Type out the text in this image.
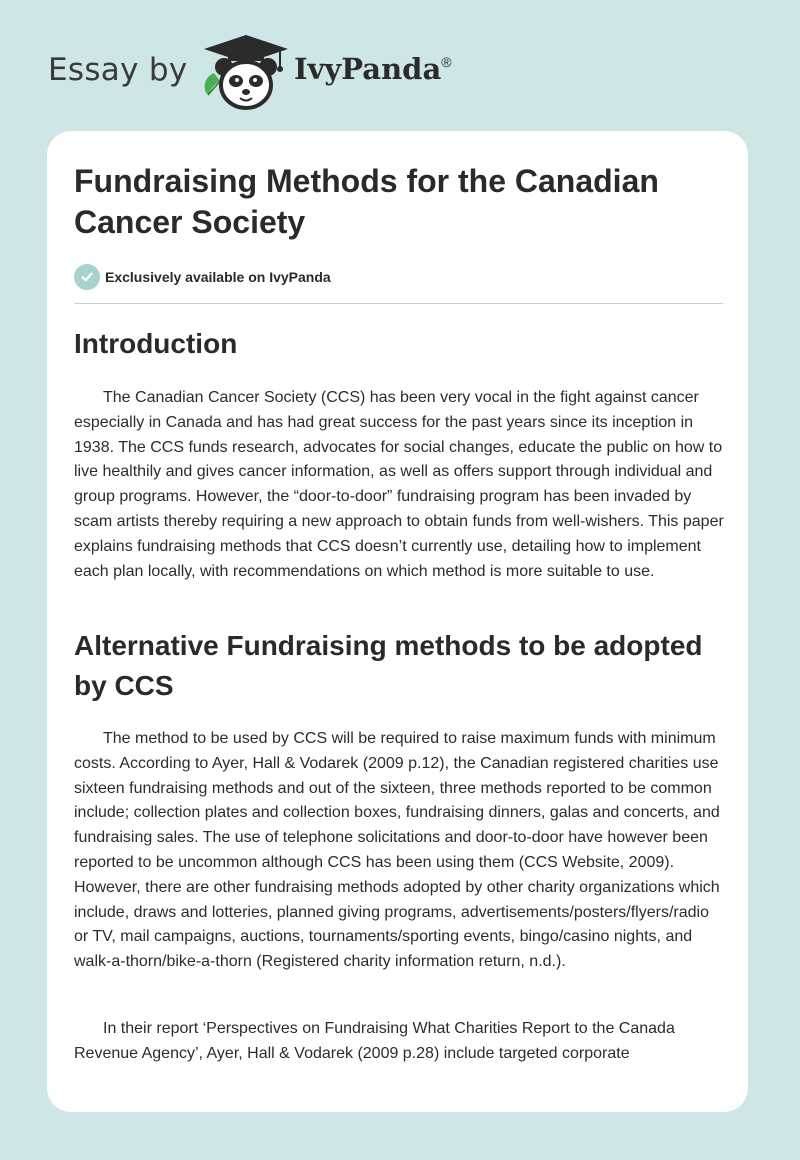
Essay by	IvyPanda®
Fundraising Methods for the Canadian Cancer Society
Exclusively available on IvyPanda
Introduction

The Canadian Cancer Society (CCS) has been very vocal in the fight against cancer especially in Canada and has had great success for the past years since its inception in 1938. The CCS funds research, advocates for social changes, educate the public on how to live healthily and gives cancer information, as well as offers support through individual and group programs. However, the “door-to-door” fundraising program has been invaded by scam artists thereby requiring a new approach to obtain funds from well-wishers. This paper explains fundraising methods that CCS doesn’t currently use, detailing how to implement each plan locally, with recommendations on which method is more suitable to use.

Alternative Fundraising methods to be adopted by CCS

The method to be used by CCS will be required to raise maximum funds with minimum costs. According to Ayer, Hall & Vodarek (2009 p.12), the Canadian registered charities use sixteen fundraising methods and out of the sixteen, three methods reported to be common include; collection plates and collection boxes, fundraising dinners, galas and concerts, and fundraising sales. The use of telephone solicitations and door-to-door have however been reported to be uncommon although CCS has been using them (CCS Website, 2009). However, there are other fundraising methods adopted by other charity organizations which include, draws and lotteries, planned giving programs, advertisements/posters/flyers/radio or TV, mail campaigns, auctions, tournaments/sporting events, bingo/casino nights, and walk-a-thorn/bike-a-thorn (Registered charity information return, n.d.).

In their report ‘Perspectives on Fundraising What Charities Report to the Canada Revenue Agency’, Ayer, Hall & Vodarek (2009 p.28) include targeted corporate
